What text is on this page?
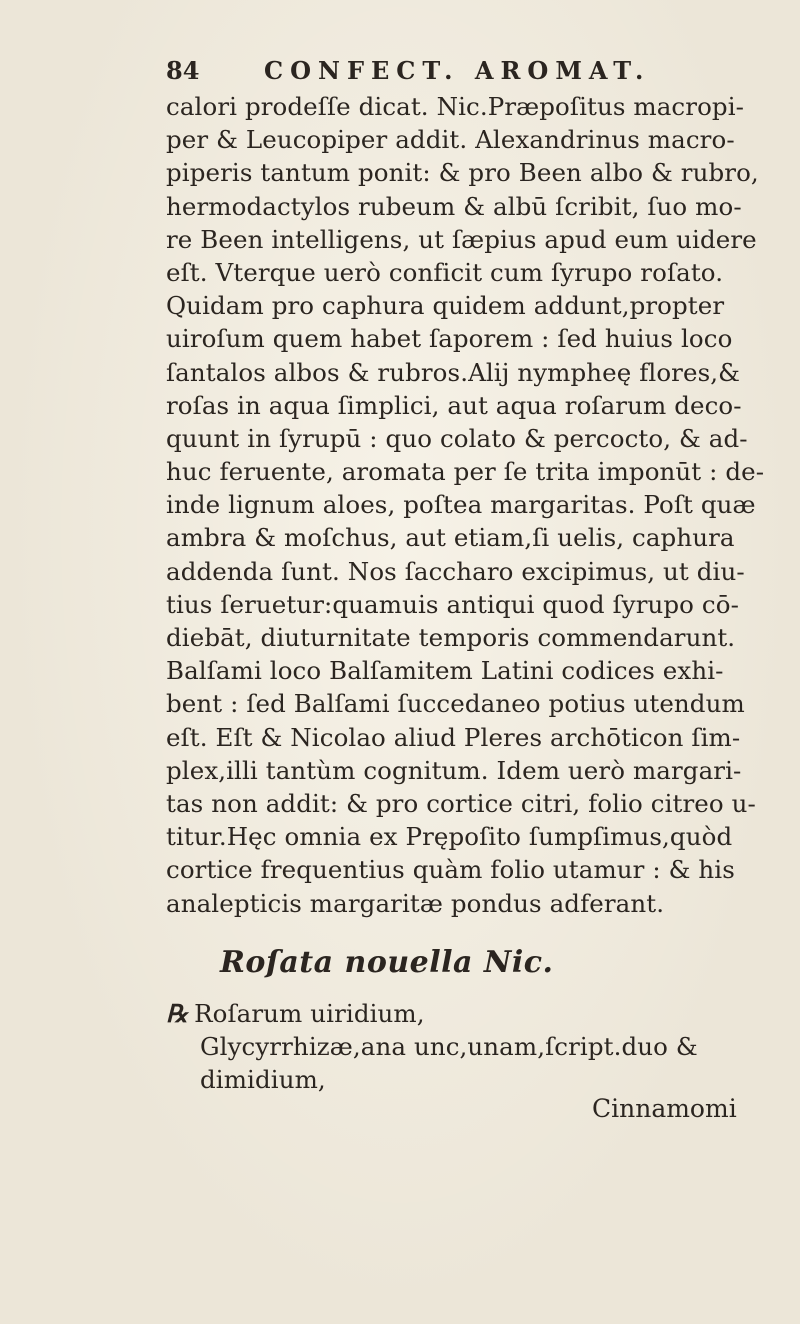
84	CONFECT. AROMAT.
calori prodeſſe dicat. Nic.Præpoſitus macropi-
per & Leucopiper addit. Alexandrinus macro-
piperis tantum ponit: & pro Been albo & rubro,
hermodactylos rubeum & albū ſcribit, ſuo mo-
re Been intelligens, ut ſæpius apud eum uidere
eſt. Vterque uerò conficit cum ſyrupo roſato.
Quidam pro caphura quidem addunt,propter
uiroſum quem habet ſaporem : ſed huius loco
ſantalos albos & rubros.Alij nympheę flores,&
roſas in aqua ſimplici, aut aqua roſarum deco-
quunt in ſyrupū : quo colato & percocto, & ad-
huc feruente, aromata per ſe trita imponūt : de-
inde lignum aloes, poſtea margaritas. Poſt quæ
ambra & moſchus, aut etiam,ſi uelis, caphura
addenda ſunt. Nos ſaccharo excipimus, ut diu-
tius ſeruetur:quamuis antiqui quod ſyrupo cō-
diebāt, diuturnitate temporis commendarunt.
Balſami loco Balſamitem Latini codices exhi-
bent : ſed Balſami ſuccedaneo potius utendum
eſt. Eſt & Nicolao aliud Pleres archōticon ſim-
plex,illi tantùm cognitum. Idem uerò margari-
tas non addit: & pro cortice citri, folio citreo u-
titur.Hęc omnia ex Prępoſito ſumpſimus,quòd
cortice frequentius quàm folio utamur : & his
analepticis margaritæ pondus adferant.
Roſata nouella Nic.
℞ Roſarum uiridium,
Glycyrrhizæ,ana unc,unam,ſcript.duo &
dimidium,
Cinnamomi
